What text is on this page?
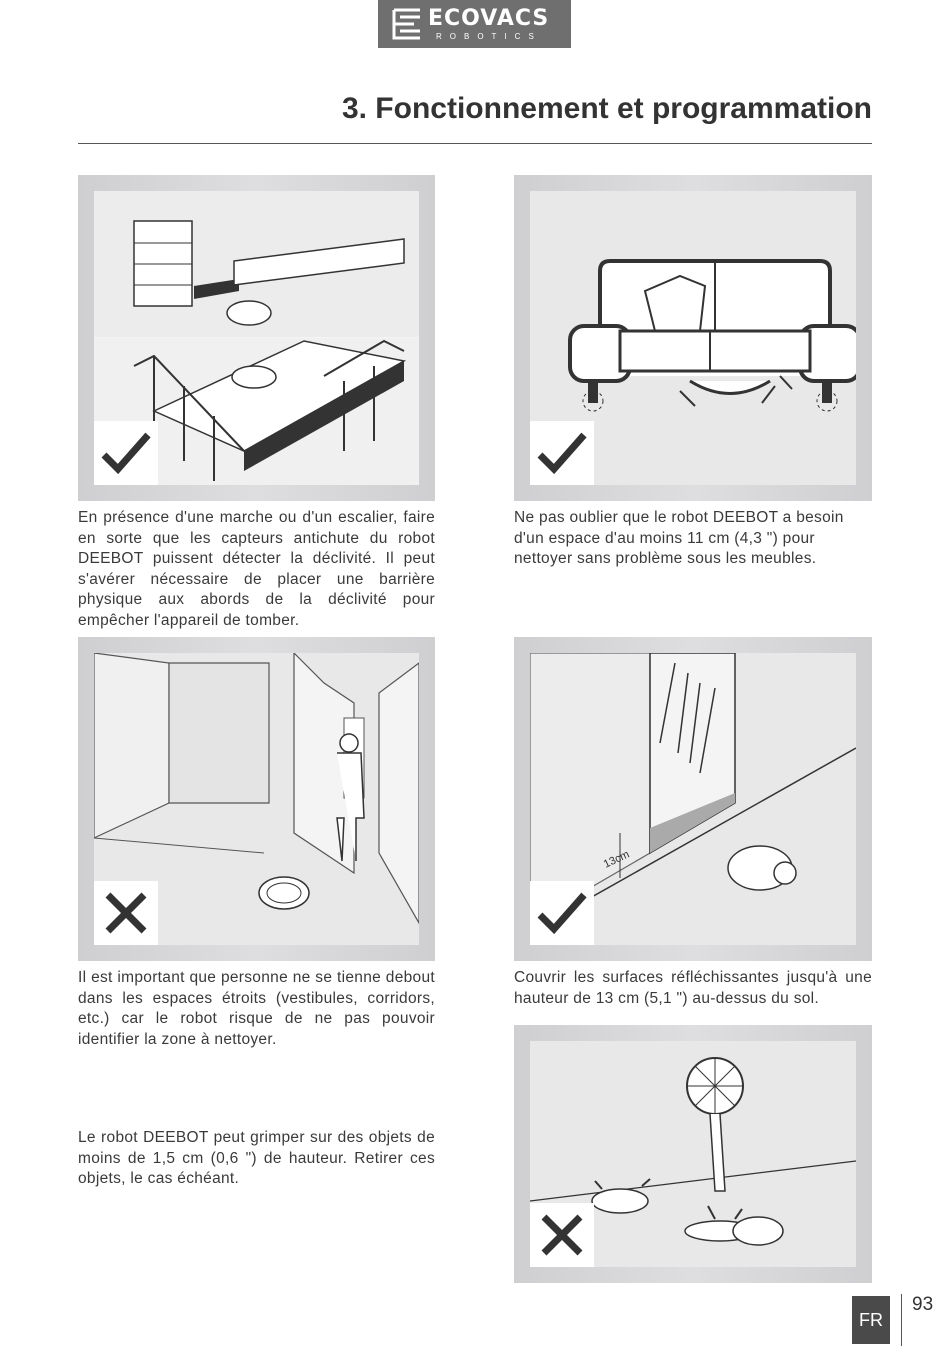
ECOVACS
ROBOTICS
3. Fonctionnement et programmation
En présence d'une marche ou d'un escalier, faire en sorte que les capteurs antichute du robot DEEBOT puissent détecter la déclivité. Il peut s'avérer nécessaire de placer une barrière physique aux abords de la déclivité pour empêcher l'appareil de tomber.
Ne pas oublier que le robot DEEBOT a besoin d'un espace d'au moins 11 cm (4,3 ") pour nettoyer sans problème sous les meubles.
Il est important que personne ne se tienne debout dans les espaces étroits (vestibules, corridors, etc.) car le robot risque de ne pas pouvoir identifier la zone à nettoyer.
13cm
Couvrir les surfaces réfléchissantes jusqu'à une hauteur de 13 cm (5,1 ") au-dessus du sol.
Le robot DEEBOT peut grimper sur des objets de moins de 1,5 cm (0,6 ") de hauteur. Retirer ces objets, le cas échéant.
FR
93
